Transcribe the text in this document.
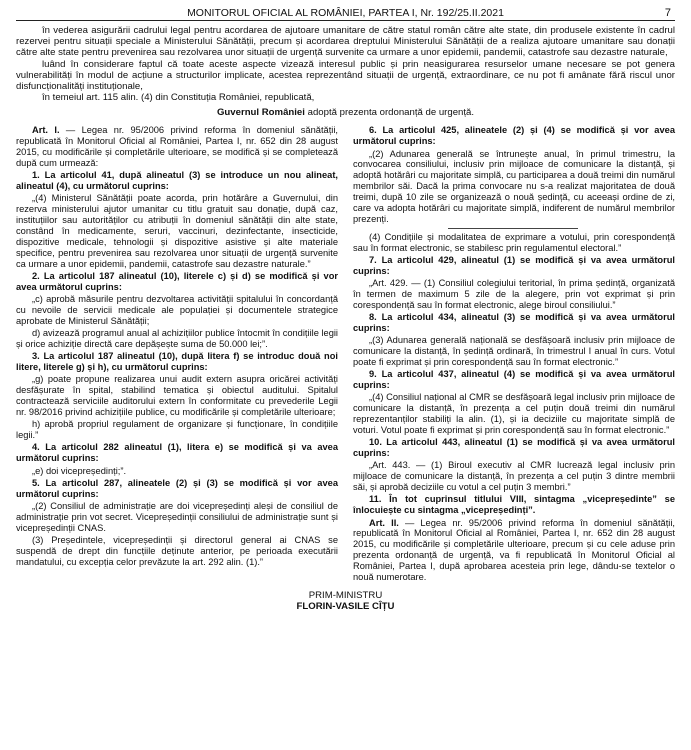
MONITORUL OFICIAL AL ROMÂNIEI, PARTEA I, Nr. 192/25.II.2021	7

în vederea asigurării cadrului legal pentru acordarea de ajutoare umanitare de către statul român către alte state, din produsele existente în cadrul rezervei pentru situații speciale a Ministerului Sănătății, precum și acordarea dreptului Ministerului Sănătății de a realiza ajutoare umanitare sau donații către alte state pentru prevenirea sau rezolvarea unor situații de urgență survenite ca urmare a unor epidemii, pandemii, catastrofe sau dezastre naturale,

luând în considerare faptul că toate aceste aspecte vizează interesul public și prin neasigurarea resurselor umane necesare se pot genera vulnerabilități în modul de acțiune a structurilor implicate, acestea reprezentând situații de urgență, extraordinare, ce nu pot fi amânate fără riscul unor disfuncționalități instituționale,

în temeiul art. 115 alin. (4) din Constituția României, republicată,

Guvernul României adoptă prezenta ordonanță de urgență.

Art. I. — Legea nr. 95/2006 privind reforma în domeniul sănătății, republicată în Monitorul Oficial al României, Partea I, nr. 652 din 28 august 2015, cu modificările și completările ulterioare, se modifică și se completează după cum urmează:

1. La articolul 41, după alineatul (3) se introduce un nou alineat, alineatul (4), cu următorul cuprins:

„(4) Ministerul Sănătății poate acorda, prin hotărâre a Guvernului, din rezerva ministerului ajutor umanitar cu titlu gratuit sau donație, după caz, instituțiilor sau autorităților cu atribuții în domeniul sănătății din alte state, constând în medicamente, seruri, vaccinuri, dezinfectante, insecticide, dispozitive medicale, tehnologii și dispozitive asistive și alte materiale specifice, pentru prevenirea sau rezolvarea unor situații de urgență survenite ca urmare a unor epidemii, pandemii, catastrofe sau dezastre naturale.”

2. La articolul 187 alineatul (10), literele c) și d) se modifică și vor avea următorul cuprins:

„c) aprobă măsurile pentru dezvoltarea activității spitalului în concordanță cu nevoile de servicii medicale ale populației și documentele strategice aprobate de Ministerul Sănătății;

d) avizează programul anual al achizițiilor publice întocmit în condițiile legii și orice achiziție directă care depășește suma de 50.000 lei;”.

3. La articolul 187 alineatul (10), după litera f) se introduc două noi litere, literele g) și h), cu următorul cuprins:

„g) poate propune realizarea unui audit extern asupra oricărei activități desfășurate în spital, stabilind tematica și obiectul auditului. Spitalul contractează serviciile auditorului extern în conformitate cu prevederile Legii nr. 98/2016 privind achizițiile publice, cu modificările și completările ulterioare;

h) aprobă propriul regulament de organizare și funcționare, în condițiile legii.”

4. La articolul 282 alineatul (1), litera e) se modifică și va avea următorul cuprins:

„e) doi vicepreședinți;”.

5. La articolul 287, alineatele (2) și (3) se modifică și vor avea următorul cuprins:

„(2) Consiliul de administrație are doi vicepreședinți aleși de consiliul de administrație prin vot secret. Vicepreședinții consiliului de administrație sunt și vicepreședinții CNAS.

(3) Președintele, vicepreședinții și directorul general ai CNAS se suspendă de drept din funcțiile deținute anterior, pe perioada executării mandatului, cu excepția celor prevăzute la art. 292 alin. (1).”

6. La articolul 425, alineatele (2) și (4) se modifică și vor avea următorul cuprins:

„(2) Adunarea generală se întrunește anual, în primul trimestru, la convocarea consiliului, inclusiv prin mijloace de comunicare la distanță, și adoptă hotărâri cu majoritate simplă, cu participarea a două treimi din numărul membrilor săi. Dacă la prima convocare nu s-a realizat majoritatea de două treimi, după 10 zile se organizează o nouă ședință, cu aceeași ordine de zi, care va adopta hotărâri cu majoritate simplă, indiferent de numărul membrilor prezenți.

(4) Condițiile și modalitatea de exprimare a votului, prin corespondență sau în format electronic, se stabilesc prin regulamentul electoral.”

7. La articolul 429, alineatul (1) se modifică și va avea următorul cuprins:

„Art. 429. — (1) Consiliul colegiului teritorial, în prima ședință, organizată în termen de maximum 5 zile de la alegere, prin vot exprimat și prin corespondență sau în format electronic, alege biroul consiliului.”

8. La articolul 434, alineatul (3) se modifică și va avea următorul cuprins:

„(3) Adunarea generală națională se desfășoară inclusiv prin mijloace de comunicare la distanță, în ședință ordinară, în trimestrul I anual în curs. Votul poate fi exprimat și prin corespondență sau în format electronic.”

9. La articolul 437, alineatul (4) se modifică și va avea următorul cuprins:

„(4) Consiliul național al CMR se desfășoară legal inclusiv prin mijloace de comunicare la distanță, în prezența a cel puțin două treimi din numărul reprezentanților stabiliți la alin. (1), și ia deciziile cu majoritate simplă de voturi. Votul poate fi exprimat și prin corespondență sau în format electronic.”

10. La articolul 443, alineatul (1) se modifică și va avea următorul cuprins:

„Art. 443. — (1) Biroul executiv al CMR lucrează legal inclusiv prin mijloace de comunicare la distanță, în prezența a cel puțin 3 dintre membrii săi, și aprobă deciziile cu votul a cel puțin 3 membri.”

11. În tot cuprinsul titlului VIII, sintagma „vicepreședinte” se înlocuiește cu sintagma „vicepreședinți”.

Art. II. — Legea nr. 95/2006 privind reforma în domeniul sănătății, republicată în Monitorul Oficial al României, Partea I, nr. 652 din 28 august 2015, cu modificările și completările ulterioare, precum și cu cele aduse prin prezenta ordonanță de urgență, va fi republicată în Monitorul Oficial al României, Partea I, după aprobarea acesteia prin lege, dându-se textelor o nouă numerotare.

PRIM-MINISTRU
FLORIN-VASILE CÎȚU
